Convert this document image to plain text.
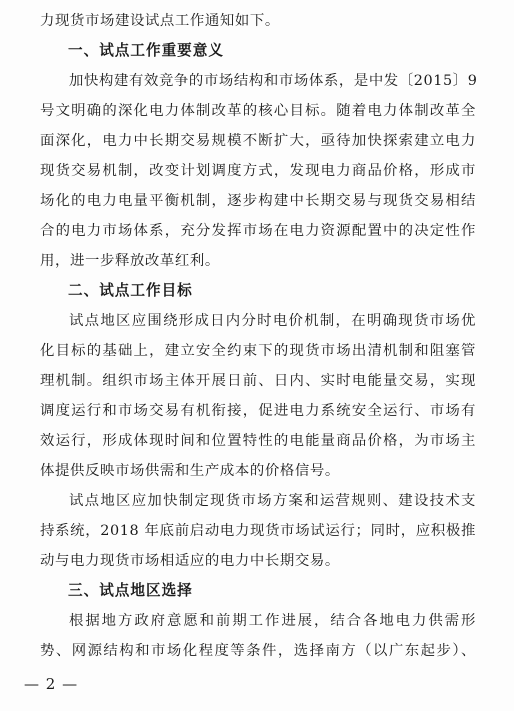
力现货市场建设试点工作通知如下。
一、试点工作重要意义
加快构建有效竞争的市场结构和市场体系，是中发〔2015〕9
号文明确的深化电力体制改革的核心目标。随着电力体制改革全
面深化，电力中长期交易规模不断扩大，亟待加快探索建立电力
现货交易机制，改变计划调度方式，发现电力商品价格，形成市
场化的电力电量平衡机制，逐步构建中长期交易与现货交易相结
合的电力市场体系，充分发挥市场在电力资源配置中的决定性作
用，进一步释放改革红利。
二、试点工作目标
试点地区应围绕形成日内分时电价机制，在明确现货市场优
化目标的基础上，建立安全约束下的现货市场出清机制和阻塞管
理机制。组织市场主体开展日前、日内、实时电能量交易，实现
调度运行和市场交易有机衔接，促进电力系统安全运行、市场有
效运行，形成体现时间和位置特性的电能量商品价格，为市场主
体提供反映市场供需和生产成本的价格信号。
试点地区应加快制定现货市场方案和运营规则、建设技术支
持系统，2018 年底前启动电力现货市场试运行；同时，应积极推
动与电力现货市场相适应的电力中长期交易。
三、试点地区选择
根据地方政府意愿和前期工作进展，结合各地电力供需形
势、网源结构和市场化程度等条件，选择南方（以广东起步）、
— 2 —
